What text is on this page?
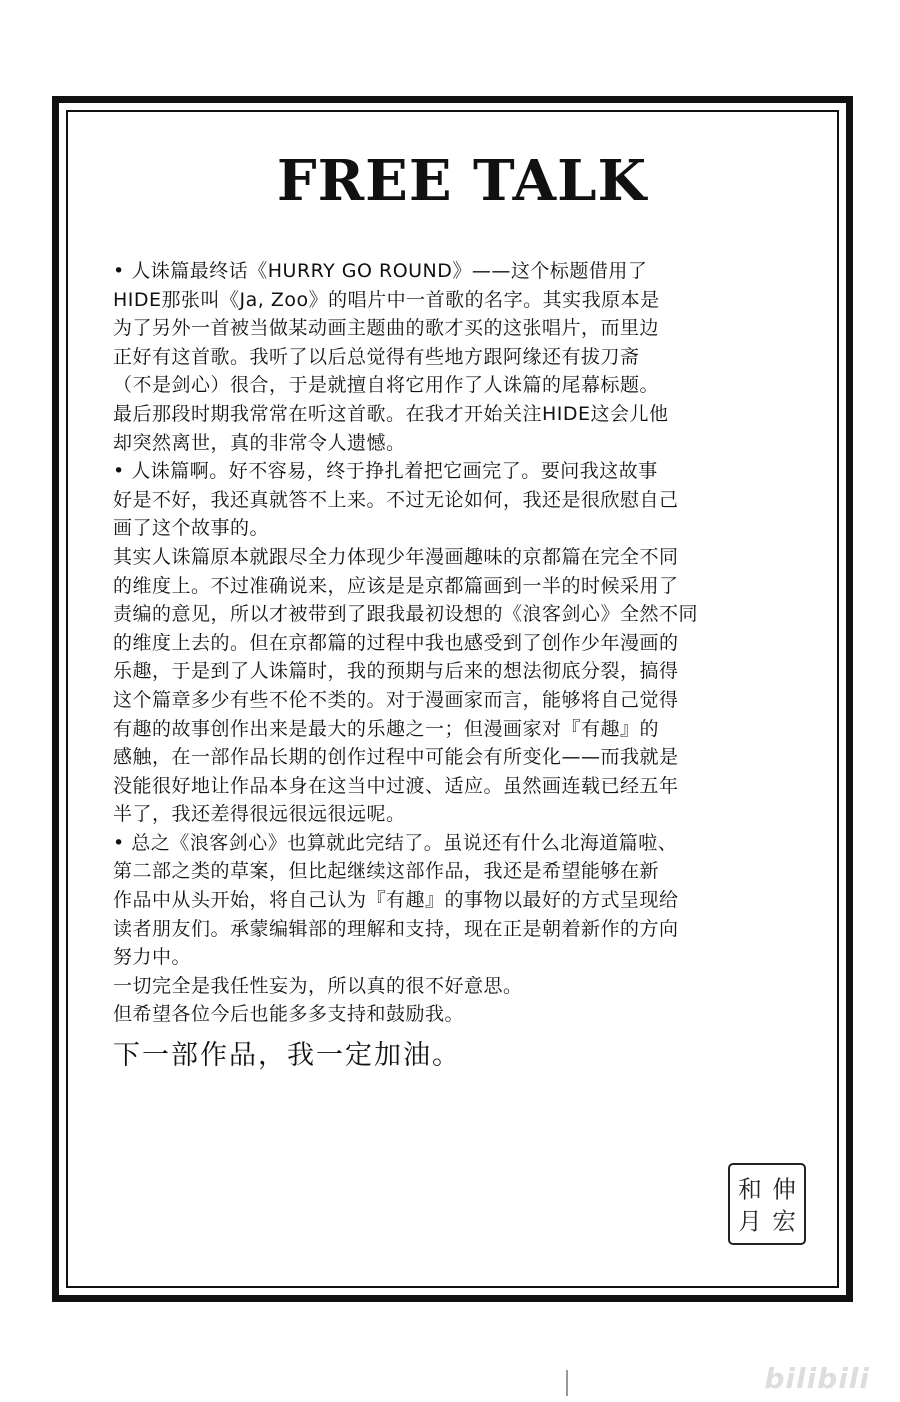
FREE TALK
• 人诛篇最终话《HURRY GO ROUND》——这个标题借用了
HIDE那张叫《Ja, Zoo》的唱片中一首歌的名字。其实我原本是
为了另外一首被当做某动画主题曲的歌才买的这张唱片，而里边
正好有这首歌。我听了以后总觉得有些地方跟阿缘还有拔刀斋
（不是剑心）很合，于是就擅自将它用作了人诛篇的尾幕标题。
最后那段时期我常常在听这首歌。在我才开始关注HIDE这会儿他
却突然离世，真的非常令人遗憾。
• 人诛篇啊。好不容易，终于挣扎着把它画完了。要问我这故事
好是不好，我还真就答不上来。不过无论如何，我还是很欣慰自己
画了这个故事的。
其实人诛篇原本就跟尽全力体现少年漫画趣味的京都篇在完全不同
的维度上。不过准确说来，应该是是京都篇画到一半的时候采用了
责编的意见，所以才被带到了跟我最初设想的《浪客剑心》全然不同
的维度上去的。但在京都篇的过程中我也感受到了创作少年漫画的
乐趣，于是到了人诛篇时，我的预期与后来的想法彻底分裂，搞得
这个篇章多少有些不伦不类的。对于漫画家而言，能够将自己觉得
有趣的故事创作出来是最大的乐趣之一；但漫画家对『有趣』的
感触，在一部作品长期的创作过程中可能会有所变化——而我就是
没能很好地让作品本身在这当中过渡、适应。虽然画连载已经五年
半了，我还差得很远很远很远呢。
• 总之《浪客剑心》也算就此完结了。虽说还有什么北海道篇啦、
第二部之类的草案，但比起继续这部作品，我还是希望能够在新
作品中从头开始，将自己认为『有趣』的事物以最好的方式呈现给
读者朋友们。承蒙编辑部的理解和支持，现在正是朝着新作的方向
努力中。
一切完全是我任性妄为，所以真的很不好意思。
但希望各位今后也能多多支持和鼓励我。
下一部作品，我一定加油。
伸
宏
和
月
bilibili
